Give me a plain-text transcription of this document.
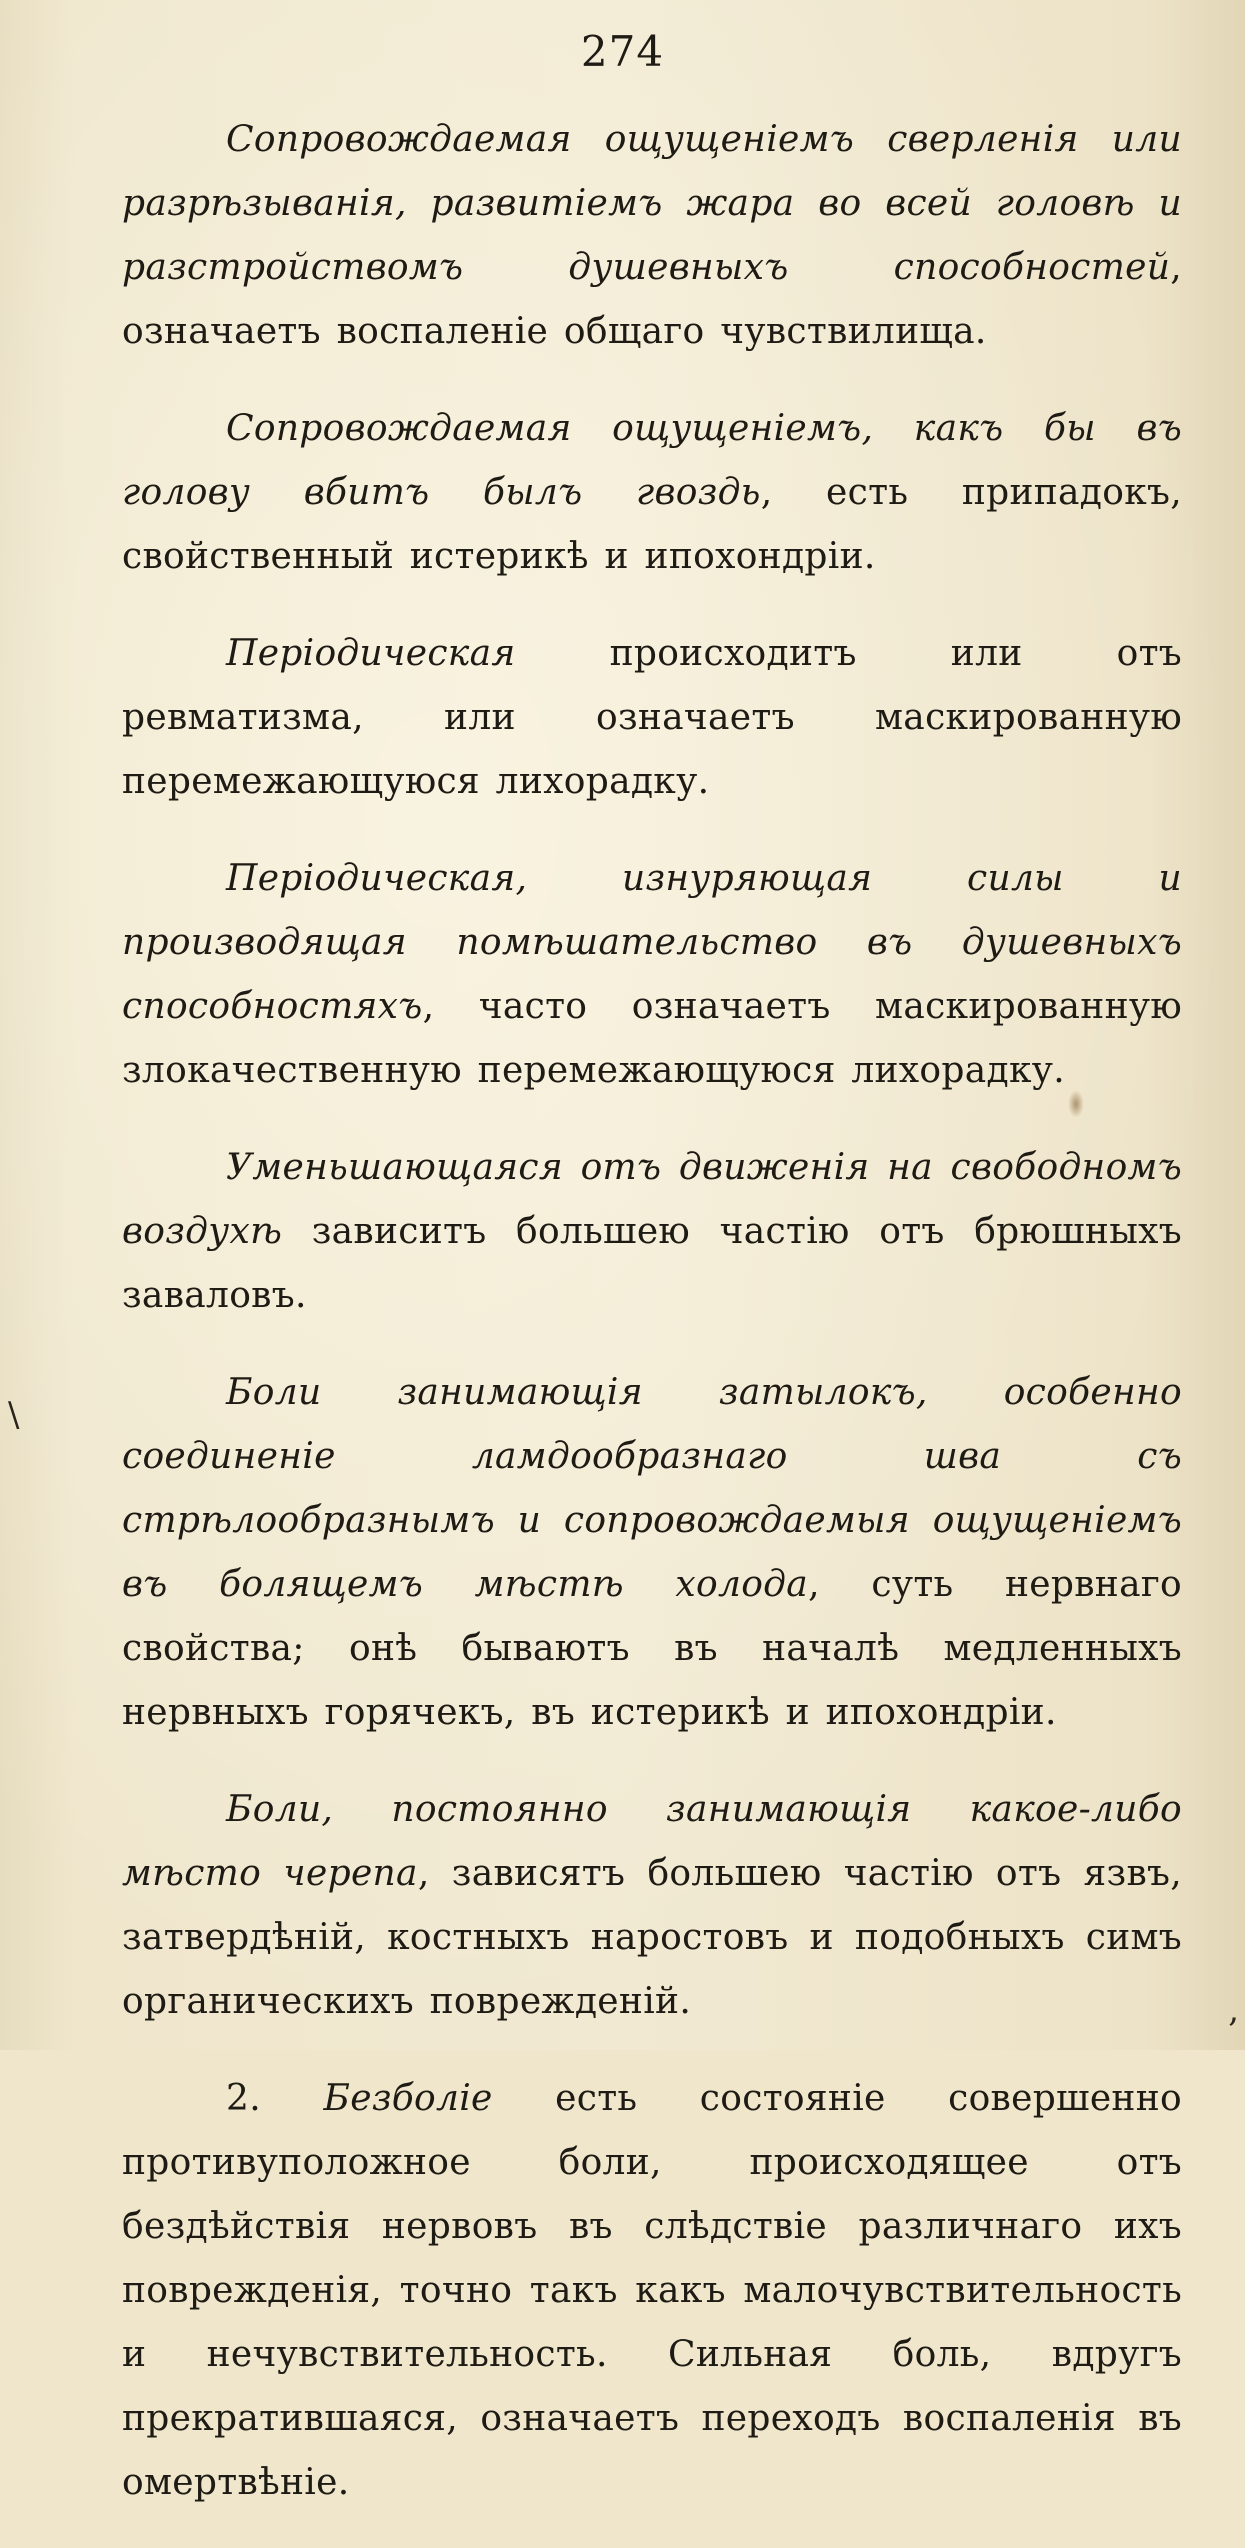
274

Сопровождаемая ощущенiемъ сверленiя или разрѣзыванiя, развитiемъ жара во всей головѣ и разстройствомъ душевныхъ способностей, означаетъ воспаленiе общаго чувствилища.

Сопровождаемая ощущенiемъ, какъ бы въ голову вбитъ былъ гвоздь, есть припадокъ, свойственный истерикѣ и ипохондрiи.

Перiодическая происходитъ или отъ ревматизма, или означаетъ маскированную перемежающуюся лихорадку.

Перiодическая, изнуряющая силы и производящая помѣшательство въ душевныхъ способностяхъ, часто означаетъ маскированную злокачественную перемежающуюся лихорадку.

Уменьшающаяся отъ движенiя на свободномъ воздухѣ зависитъ большею частiю отъ брюшныхъ заваловъ.

Боли занимающiя затылокъ, особенно соединенiе ламдообразнаго шва съ стрѣлообразнымъ и сопровождаемыя ощущенiемъ въ болящемъ мѣстѣ холода, суть нервнаго свойства; онѣ бываютъ въ началѣ медленныхъ нервныхъ горячекъ, въ истерикѣ и ипохондрiи.

Боли, постоянно занимающiя какое-либо мѣсто черепа, зависятъ большею частiю отъ язвъ, затвердѣнiй, костныхъ наростовъ и подобныхъ симъ органическихъ поврежденiй.

2. Безболiе есть состоянiе совершенно противуположное боли, происходящее отъ бездѣйствiя нервовъ въ слѣдствiе различнаго ихъ поврежденiя, точно такъ какъ малочувствительность и нечувствительность. Сильная боль, вдругъ прекратившаяся, означаетъ переходъ воспаленiя въ омертвѣнiе.

\
,
